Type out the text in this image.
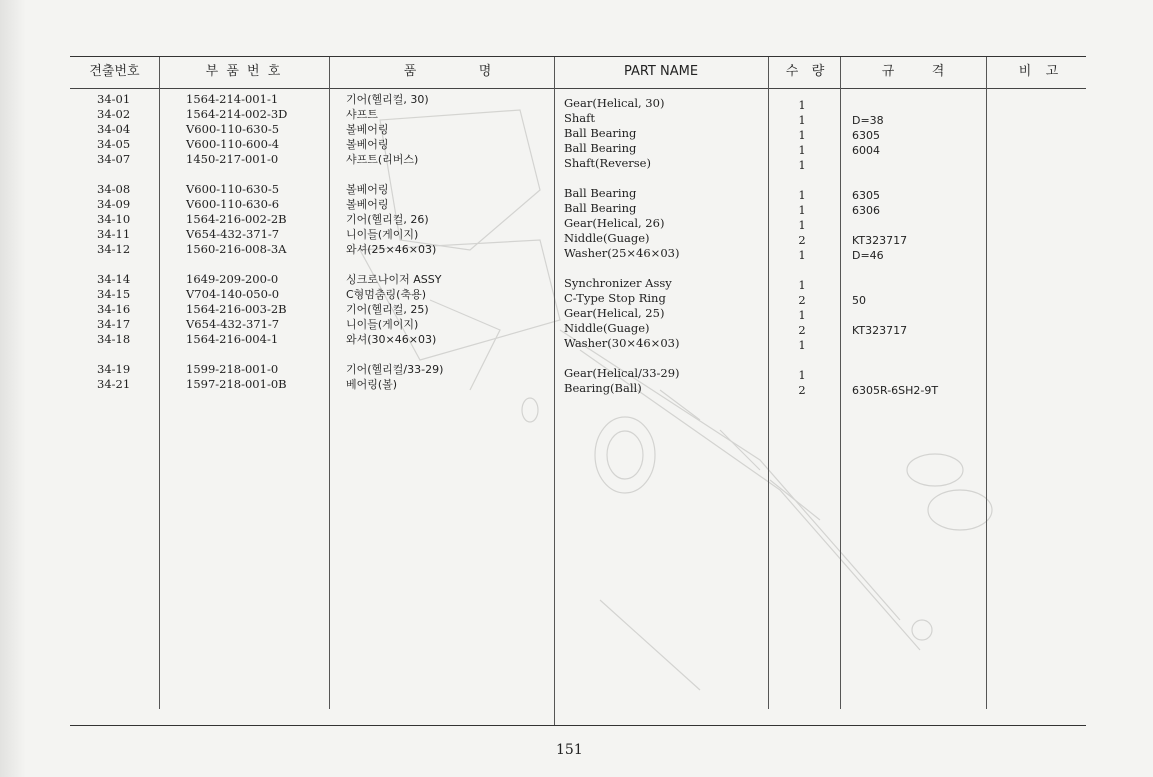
견출번호	부 품 번 호	품	명	PART NAME	수 량	규	격	비 고
34-01	1564-214-001-1	기어(헬리컬, 30)	Gear(Helical, 30)	1
34-02	1564-214-002-3D	샤프트	Shaft	1	D=38
34-04	V600-110-630-5	볼베어링	Ball Bearing	1	6305
34-05	V600-110-600-4	볼베어링	Ball Bearing	1	6004
34-07	1450-217-001-0	샤프트(리버스)	Shaft(Reverse)	1
34-08	V600-110-630-5	볼베어링	Ball Bearing	1	6305
34-09	V600-110-630-6	볼베어링	Ball Bearing	1	6306
34-10	1564-216-002-2B	기어(헬리컬, 26)	Gear(Helical, 26)	1
34-11	V654-432-371-7	니이들(게이지)	Niddle(Guage)	2	KT323717
34-12	1560-216-008-3A	와셔(25×46×03)	Washer(25×46×03)	1	D=46
34-14	1649-209-200-0	싱크로나이저 ASSY	Synchronizer Assy	1
34-15	V704-140-050-0	C형멈춤링(축용)	C-Type Stop Ring	2	50
34-16	1564-216-003-2B	기어(헬리컬, 25)	Gear(Helical, 25)	1
34-17	V654-432-371-7	니이들(게이지)	Niddle(Guage)	2	KT323717
34-18	1564-216-004-1	와셔(30×46×03)	Washer(30×46×03)	1
34-19	1599-218-001-0	기어(헬리컬/33-29)	Gear(Helical/33-29)	1
34-21	1597-218-001-0B	베어링(볼)	Bearing(Ball)	2	6305R-6SH2-9T
151
